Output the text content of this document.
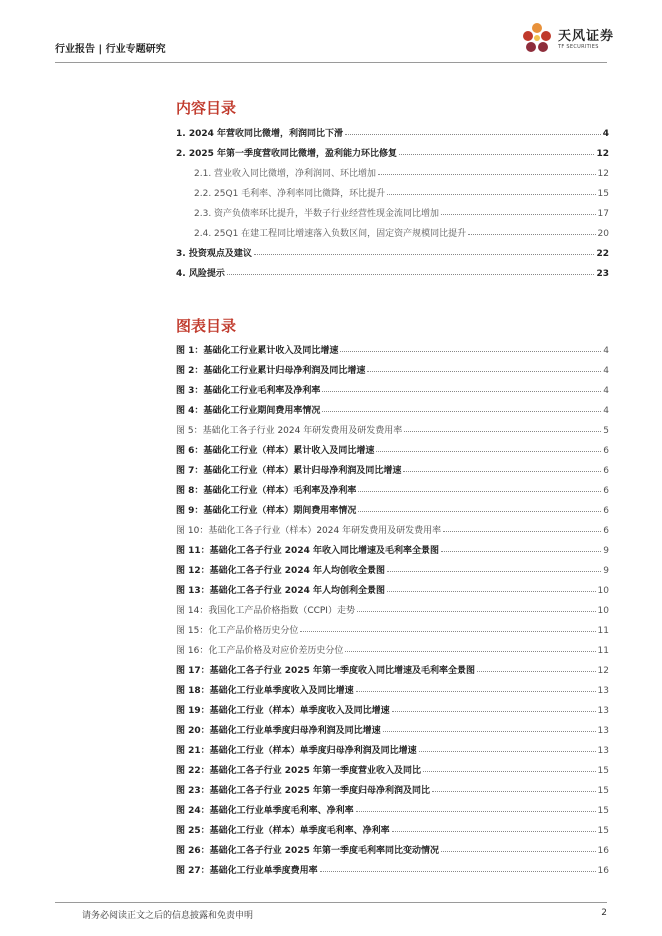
行业报告 | 行业专题研究
天风证券
TF SECURITIES
内容目录
1. 2024 年营收同比微增，利润同比下滑	4
2. 2025 年第一季度营收同比微增，盈利能力环比修复	12
2.1. 营业收入同比微增，净利润同、环比增加	12
2.2. 25Q1 毛利率、净利率同比微降，环比提升	15
2.3. 资产负债率环比提升，半数子行业经营性现金流同比增加	17
2.4. 25Q1 在建工程同比增速落入负数区间，固定资产规模同比提升	20
3. 投资观点及建议	22
4. 风险提示	23
图表目录
图 1：基础化工行业累计收入及同比增速	4
图 2：基础化工行业累计归母净利润及同比增速	4
图 3：基础化工行业毛利率及净利率	4
图 4：基础化工行业期间费用率情况	4
图 5：基础化工各子行业 2024 年研发费用及研发费用率	5
图 6：基础化工行业（样本）累计收入及同比增速	6
图 7：基础化工行业（样本）累计归母净利润及同比增速	6
图 8：基础化工行业（样本）毛利率及净利率	6
图 9：基础化工行业（样本）期间费用率情况	6
图 10：基础化工各子行业（样本）2024 年研发费用及研发费用率	6
图 11：基础化工各子行业 2024 年收入同比增速及毛利率全景图	9
图 12：基础化工各子行业 2024 年人均创收全景图	9
图 13：基础化工各子行业 2024 年人均创利全景图	10
图 14：我国化工产品价格指数（CCPI）走势	10
图 15：化工产品价格历史分位	11
图 16：化工产品价格及对应价差历史分位	11
图 17：基础化工各子行业 2025 年第一季度收入同比增速及毛利率全景图	12
图 18：基础化工行业单季度收入及同比增速	13
图 19：基础化工行业（样本）单季度收入及同比增速	13
图 20：基础化工行业单季度归母净利润及同比增速	13
图 21：基础化工行业（样本）单季度归母净利润及同比增速	13
图 22：基础化工各子行业 2025 年第一季度营业收入及同比	15
图 23：基础化工各子行业 2025 年第一季度归母净利润及同比	15
图 24：基础化工行业单季度毛利率、净利率	15
图 25：基础化工行业（样本）单季度毛利率、净利率	15
图 26：基础化工各子行业 2025 年第一季度毛利率同比变动情况	16
图 27：基础化工行业单季度费用率	16
请务必阅读正文之后的信息披露和免责申明	2
